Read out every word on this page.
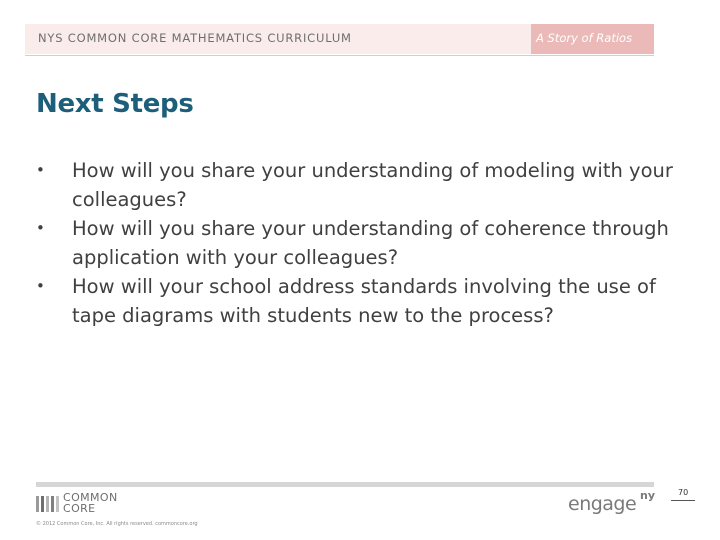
NYS COMMON CORE MATHEMATICS CURRICULUM	A Story of Ratios
Next Steps
• How will you share your understanding of modeling with your colleagues?
• How will you share your understanding of coherence through application with your colleagues?
• How will your school address standards involving the use of tape diagrams with students new to the process?
COMMON
CORE
© 2012 Common Core, Inc. All rights reserved. commoncore.org
engage ny	70
